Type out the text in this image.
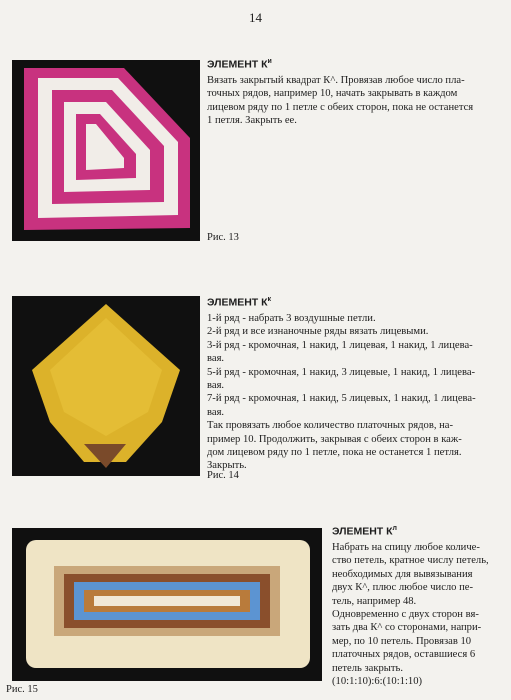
14
ЭЛЕМЕНТ $К^и$
Вязать закрытый квадрат К^. Провязав любое число пла-
точных рядов, например 10, начать закрывать в каждом
лицевом ряду по 1 петле с обеих сторон, пока не останется
1 петля. Закрыть ее.
Рис. 13
ЭЛЕМЕНТ $К^к$
1-й ряд - набрать 3 воздушные петли.
2-й ряд и все изнаночные ряды вязать лицевыми.
3-й ряд - кромочная, 1 накид, 1 лицевая, 1 накид, 1 лицева-
вая.
5-й ряд - кромочная, 1 накид, 3 лицевые, 1 накид, 1 лицева-
вая.
7-й ряд - кромочная, 1 накид, 5 лицевых, 1 накид, 1 лицева-
вая.
Так провязать любое количество платочных рядов, на-
пример 10. Продолжить, закрывая с обеих сторон в каж-
дом лицевом ряду по 1 петле, пока не останется 1 петля.
Закрыть.
Рис. 14
ЭЛЕМЕНТ $К^л$
Набрать на спицу любое количе-
ство петель, кратное числу петель,
необходимых для вывязывания
двух К^, плюс любое число пе-
тель, например 48.
Одновременно с двух сторон вя-
зать два К^ со сторонами, напри-
мер, по 10 петель. Провязав 10
платочных рядов, оставшиеся 6
петель закрыть.
(10:1:10):6:(10:1:10)
Рис. 15
